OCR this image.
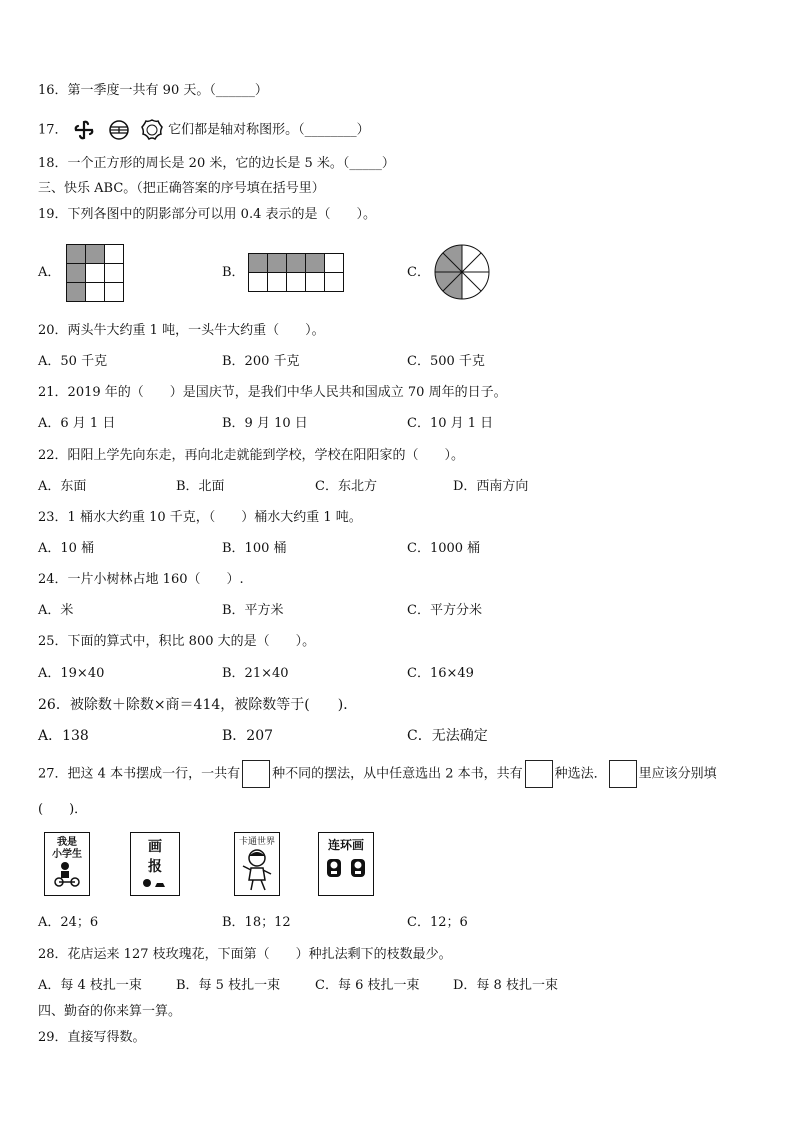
16．第一季度一共有 90 天。（______）
17．	它们都是轴对称图形。（________）
18．一个正方形的周长是 20 米，它的边长是 5 米。（_____）
三、快乐 ABC。（把正确答案的序号填在括号里）
19．下列各图中的阴影部分可以用 0.4 表示的是（　　）。
A．	B．	C．
20．两头牛大约重 1 吨，一头牛大约重（　　）。
A．50 千克	B．200 千克	C．500 千克
21．2019 年的（　　）是国庆节，是我们中华人民共和国成立 70 周年的日子。
A．6 月 1 日	B．9 月 10 日	C．10 月 1 日
22．阳阳上学先向东走，再向北走就能到学校，学校在阳阳家的（　　）。
A．东面	B．北面	C．东北方	D．西南方向
23．1 桶水大约重 10 千克，（　　）桶水大约重 1 吨。
A．10 桶	B．100 桶	C．1000 桶
24．一片小树林占地 160（　　）.
A．米	B．平方米	C．平方分米
25．下面的算式中，积比 800 大的是（　　）。
A．19×40	B．21×40	C．16×49
26．被除数＋除数×商＝414，被除数等于(　　)．
A．138	B．207	C．无法确定
27．把这 4 本书摆成一行，一共有 种不同的摆法，从中任意选出 2 本书，共有 种选法． 里应该分别填
(　　)．
我是
小学生	画
报
卡通世界	连环画
A．24；6	B．18；12	C．12；6
28．花店运来 127 枝玫瑰花，下面第（　　）种扎法剩下的枝数最少。
A．每 4 枝扎一束	B．每 5 枝扎一束	C．每 6 枝扎一束	D．每 8 枝扎一束
四、勤奋的你来算一算。
29．直接写得数。
